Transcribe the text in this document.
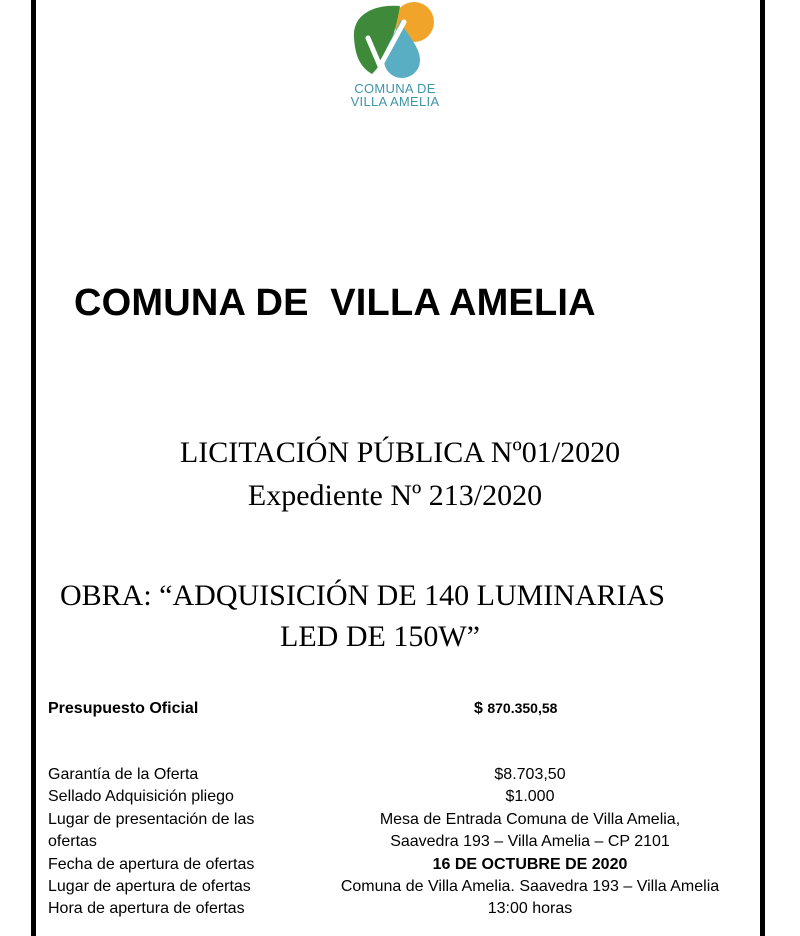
COMUNA DE
VILLA AMELIA
COMUNA DE  VILLA AMELIA
LICITACIÓN PÚBLICA Nº01/2020
Expediente Nº 213/2020
OBRA: “ADQUISICIÓN DE 140 LUMINARIAS
LED DE 150W”
Presupuesto Oficial	$ 870.350,58
Garantía de la Oferta	$8.703,50
Sellado Adquisición pliego	$1.000
Lugar de presentación de las	Mesa de Entrada Comuna de Villa Amelia,
ofertas	Saavedra 193 – Villa Amelia – CP 2101
Fecha de apertura de ofertas	16 DE OCTUBRE DE 2020
Lugar de apertura de ofertas	Comuna de Villa Amelia. Saavedra 193 – Villa Amelia
Hora de apertura de ofertas	13:00 horas
